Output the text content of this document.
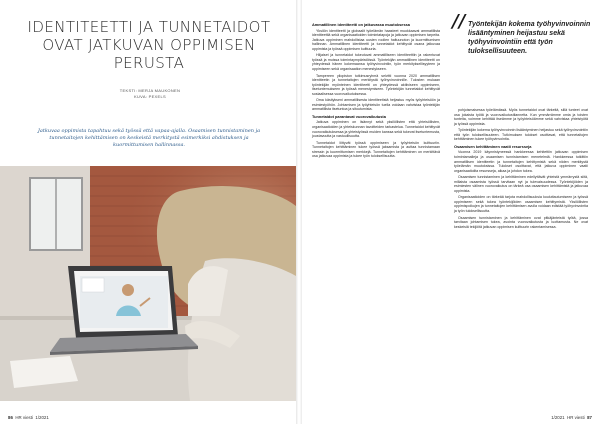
IDENTITEETTI JA TUNNETAIDOT OVAT JATKUVAN OPPIMISEN PERUSTA
TEKSTI: MERJA MAUKONEN
KUVA: PEXELS
Jatkuvaa oppimista tapahtuu sekä työssä että vapaa-ajalla. Osaamisen tunnistaminen ja tunnetaitojen kehittämisen on keskeistä merkitystä esimerkiksi ahdistuksen ja kuormittumisen hallinnassa.
86 HR viesti 1/2021
Ammatillinen identiteetti on jatkuvassa muutoksessa

Yksilön identiteetti ja globaalit työelämän haasteet muokkaavat ammatillista identiteettiä sekä organisaatioiden toimintatapoja ja jatkuvan oppimisen tarpeita. Jatkuva oppiminen mahdollistaa uusien roolien haltuunoton ja kuormittumisen hallinnan. Ammatillinen identiteetti ja tunnetaidot kehittyvät osana jatkuvaa oppimista ja työssä oppimisen kulttuuria.

Hiljaiset ja tunnetaidot tukeutuvat ammatilliseen identiteettiin ja rakentuvat työssä ja muissa toimintaympäristöissä. Työntekijän ammatillinen identiteetti on yhteydessä hänen kokemaansa työhyvinvointiin, työn merkityksellisyyteen ja oppimiseen sekä organisaation menestykseen.

Tampereen yliopiston tutkimusryhmä selvitti vuonna 2020 ammatillisen identiteetin ja tunnetaitojen merkitystä työhyvinvoinnille. Tulosten mukaan työntekijän myönteinen identiteetti on yhteydessä aktiiviseen oppimiseen, itsetuntemukseen ja työssä menestymiseen. Työntekijän tunnetaidot kehittyvät sosiaalisessa vuorovaikutuksessa.

Oma käsitykseni ammatillisesta identiteetistä heijastuu myös työyhteisöön ja esimiestyöhön. Johtamisen ja työyhteisön tuella voidaan vahvistaa työntekijän ammatillista itsetuntoa ja sitoutumista.

Tunnetaidot parantavat vuorovaikutusta

Jatkuva oppiminen on lisännyt sekä yksilöllisten että yhteisöllisten, organisaatioiden ja yhteiskunnan tavoitteiden tarkastelua. Tunnetaidot kehittyvät vuorovaikutuksessa ja yhteistyössä muiden kanssa sekä tukevat itsetuntemusta, joustavuutta ja vastuullisuutta.

Tunnetaidot liittyvät työssä oppimiseen ja työyhteisön kulttuuriin. Tunnetaitojen kehittäminen tukee työssä jaksamista ja auttaa tunnistamaan stressin ja kuormittumisen merkkejä. Tunnetaitojen kehittäminen on merkittävä osa jatkuvaa oppimista ja tukee työn tuloksellisuutta.

// Työntekijän kokema työhyvinvoinnin lisääntyminen heijastuu sekä työhyvinvointiin että työn tuloksellisuuteen.

pohjoismaisessa työelämässä. Myös tunnetaidot ovat tärkeitä, sillä tunteet ovat osa jokaista työtä ja vuorovaikutustilannetta. Kun ymmärrämme omia ja toisten tunteita, voimme kehittää itseämme ja työyhteisöämme sekä vahvistaa yhteistyötä ja työssä oppimista.

Työntekijän kokema työhyvinvoinnin lisääntyminen heijastuu sekä työhyvinvointiin että työn tuloksellisuuteen. Tutkimuksen tulokset osoittavat, että tunnetaitojen kehittäminen tukee työhyvinvointia.

Osaamisen kehittäminen vaatii resursseja

Vuonna 2019 käynnistyneessä hankkeessa kehitettiin jatkuvan oppimisen toimintamalleja ja osaamisen tunnistamisen menetelmiä. Hankkeessa tutkittiin ammatillisen identiteetin ja tunnetaitojen kehittymistä sekä niiden merkitystä työelämän muutoksissa. Tulokset osoittavat, että jatkuva oppiminen vaatii organisaatioilta resursseja, aikaa ja johdon tukea.

Osaamisen tunnistaminen ja kehittäminen edellyttävät yhteistä ymmärrystä siitä, millaista osaamista työssä tarvitaan nyt ja tulevaisuudessa. Työntekijöiden ja esimiesten välinen vuorovaikutus on tärkeä osa osaamisen kehittämistä ja jatkuvaa oppimista.

Organisaatioiden on tärkeää tarjota mahdollisuuksia kouluttautumiseen ja työssä oppimiseen sekä tukea työntekijöiden osaamisen kehittymistä. Yksilöllisten oppimispolkujen ja tunnetaitojen kehittämisen avulla voidaan edistää työhyvinvointia ja työn tuloksellisuutta.

Osaamisen tunnistaminen ja kehittäminen ovat pitkäjänteistä työtä, jossa tarvitaan johtamisen tukea, avointa vuorovaikutusta ja luottamusta. Ne ovat keskeisiä tekijöitä jatkuvan oppimisen kulttuurin rakentamisessa.

1/2021 HR viesti 87
